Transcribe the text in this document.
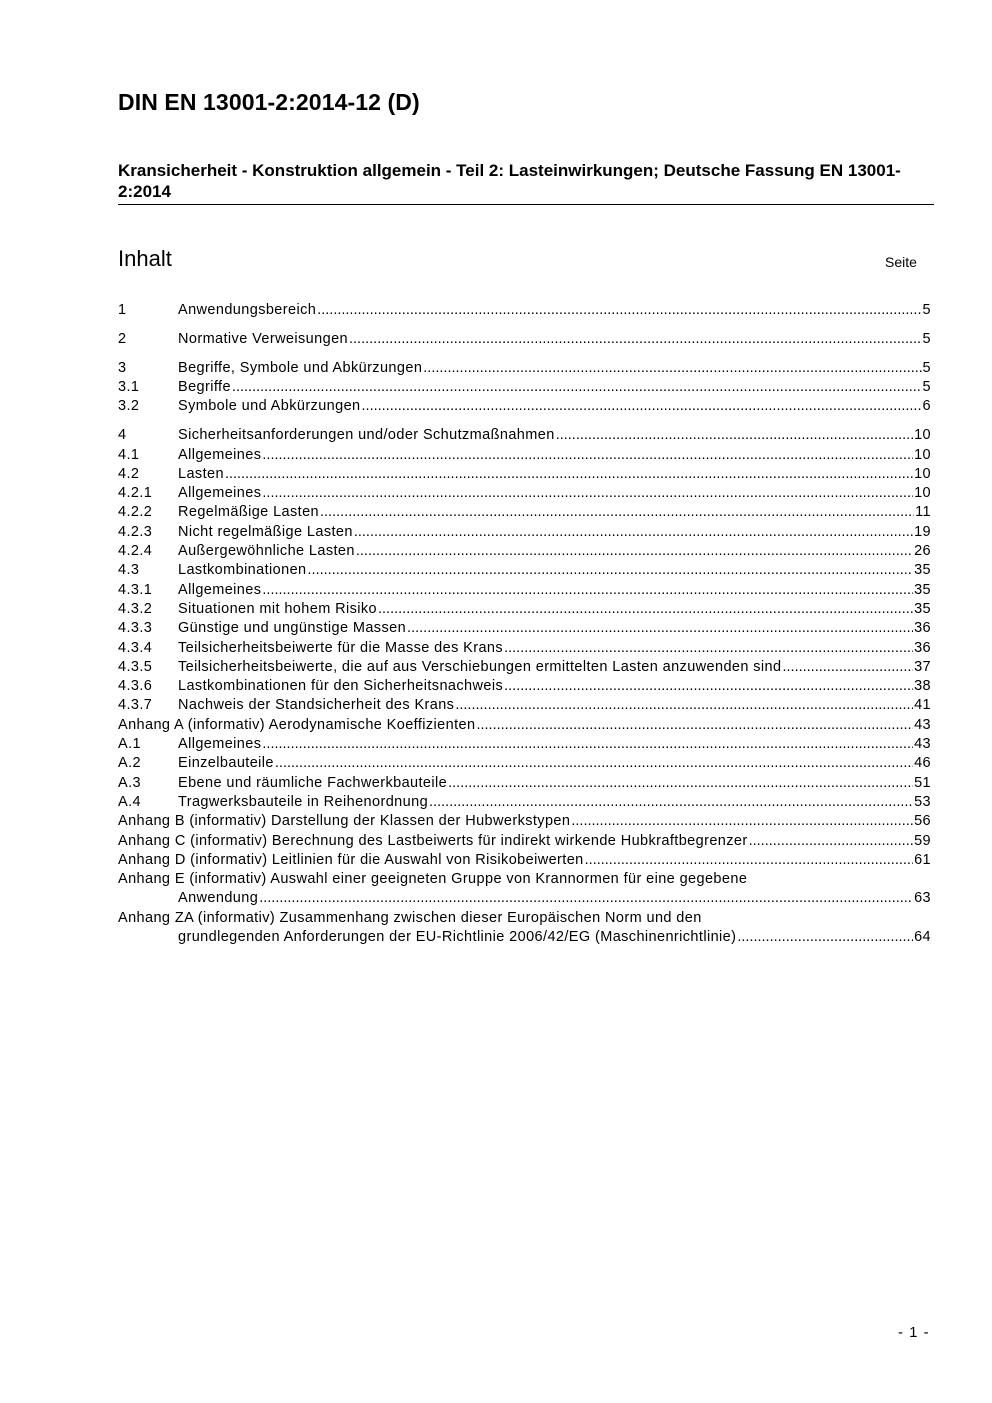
DIN EN 13001-2:2014-12 (D)
Kransicherheit - Konstruktion allgemein - Teil 2: Lasteinwirkungen; Deutsche Fassung EN 13001-2:2014
Inhalt	Seite
1	Anwendungsbereich .....	5
2	Normative Verweisungen .....	5
3	Begriffe, Symbole und Abkürzungen .....	5
3.1	Begriffe .....	5
3.2	Symbole und Abkürzungen .....	6
4	Sicherheitsanforderungen und/oder Schutzmaßnahmen .....	10
4.1	Allgemeines .....	10
4.2	Lasten .....	10
4.2.1 Allgemeines .....	10
4.2.2 Regelmäßige Lasten .....	11
4.2.3 Nicht regelmäßige Lasten .....	19
4.2.4 Außergewöhnliche Lasten .....	26
4.3	Lastkombinationen .....	35
4.3.1 Allgemeines .....	35
4.3.2 Situationen mit hohem Risiko .....	35
4.3.3 Günstige und ungünstige Massen .....	36
4.3.4 Teilsicherheitsbeiwerte für die Masse des Krans .....	36
4.3.5 Teilsicherheitsbeiwerte, die auf aus Verschiebungen ermittelten Lasten anzuwenden sind .....	37
4.3.6 Lastkombinationen für den Sicherheitsnachweis .....	38
4.3.7 Nachweis der Standsicherheit des Krans .....	41
Anhang A (informativ) Aerodynamische Koeffizienten .....	43
A.1	Allgemeines .....	43
A.2	Einzelbauteile .....	46
A.3	Ebene und räumliche Fachwerkbauteile .....	51
A.4	Tragwerksbauteile in Reihenordnung .....	53
Anhang B (informativ) Darstellung der Klassen der Hubwerkstypen .....	56
Anhang C (informativ) Berechnung des Lastbeiwerts für indirekt wirkende Hubkraftbegrenzer .....	59
Anhang D (informativ) Leitlinien für die Auswahl von Risikobeiwerten .....	61
Anhang E (informativ) Auswahl einer geeigneten Gruppe von Krannormen für eine gegebene
Anwendung .....	63
Anhang ZA (informativ) Zusammenhang zwischen dieser Europäischen Norm und den
grundlegenden Anforderungen der EU-Richtlinie 2006/42/EG (Maschinenrichtlinie) .....	64
- 1 -
